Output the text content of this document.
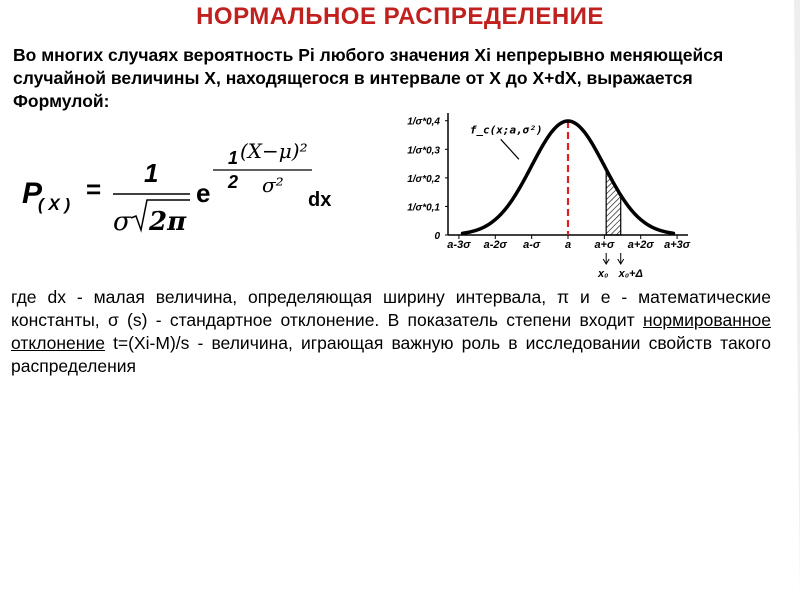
НОРМАЛЬНОЕ РАСПРЕДЕЛЕНИЕ
Во многих случаях вероятность Pi любого значения Xi непрерывно меняющейся случайной величины X, находящегося в интервале от X до X+dX, выражается Формулой:
P
( X )
=
1
σ 2π
e
1 (X−μ)²
2 σ²
dx
0
1/σ*0,1
1/σ*0,2
1/σ*0,3
1/σ*0,4
a-3σ a-2σ a-σ a a+σ a+2σ a+3σ
f_c(x;a,σ²)
x₀ x₀+Δ
где dx - малая величина, определяющая ширину интервала, π и e - математические константы, σ (s) - стандартное отклонение. В показатель степени входит нормированное отклонение t=(Xi-M)/s - величина, играющая важную роль в исследовании свойств такого распределения
